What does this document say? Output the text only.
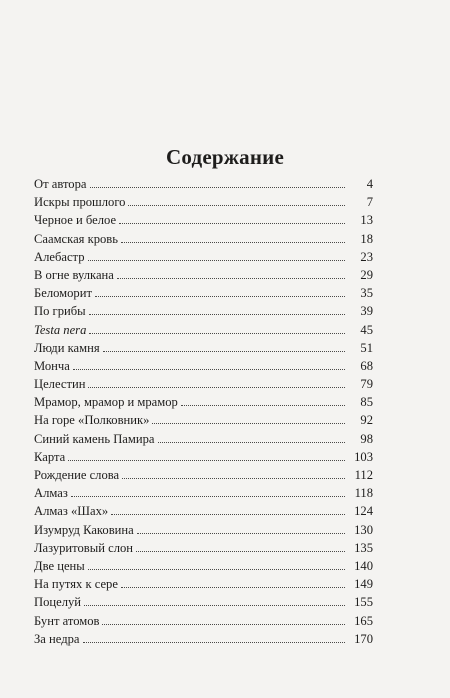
Содержание
От автора	4
Искры прошлого	7
Черное и белое	13
Саамская кровь	18
Алебастр	23
В огне вулкана	29
Беломорит	35
По грибы	39
Testa nera	45
Люди камня	51
Монча	68
Целестин	79
Мрамор, мрамор и мрамор	85
На горе «Полковник»	92
Синий камень Памира	98
Карта	103
Рождение слова	112
Алмаз	118
Алмаз «Шах»	124
Изумруд Каковина	130
Лазуритовый слон	135
Две цены	140
На путях к сере	149
Поцелуй	155
Бунт атомов	165
За недра	170
